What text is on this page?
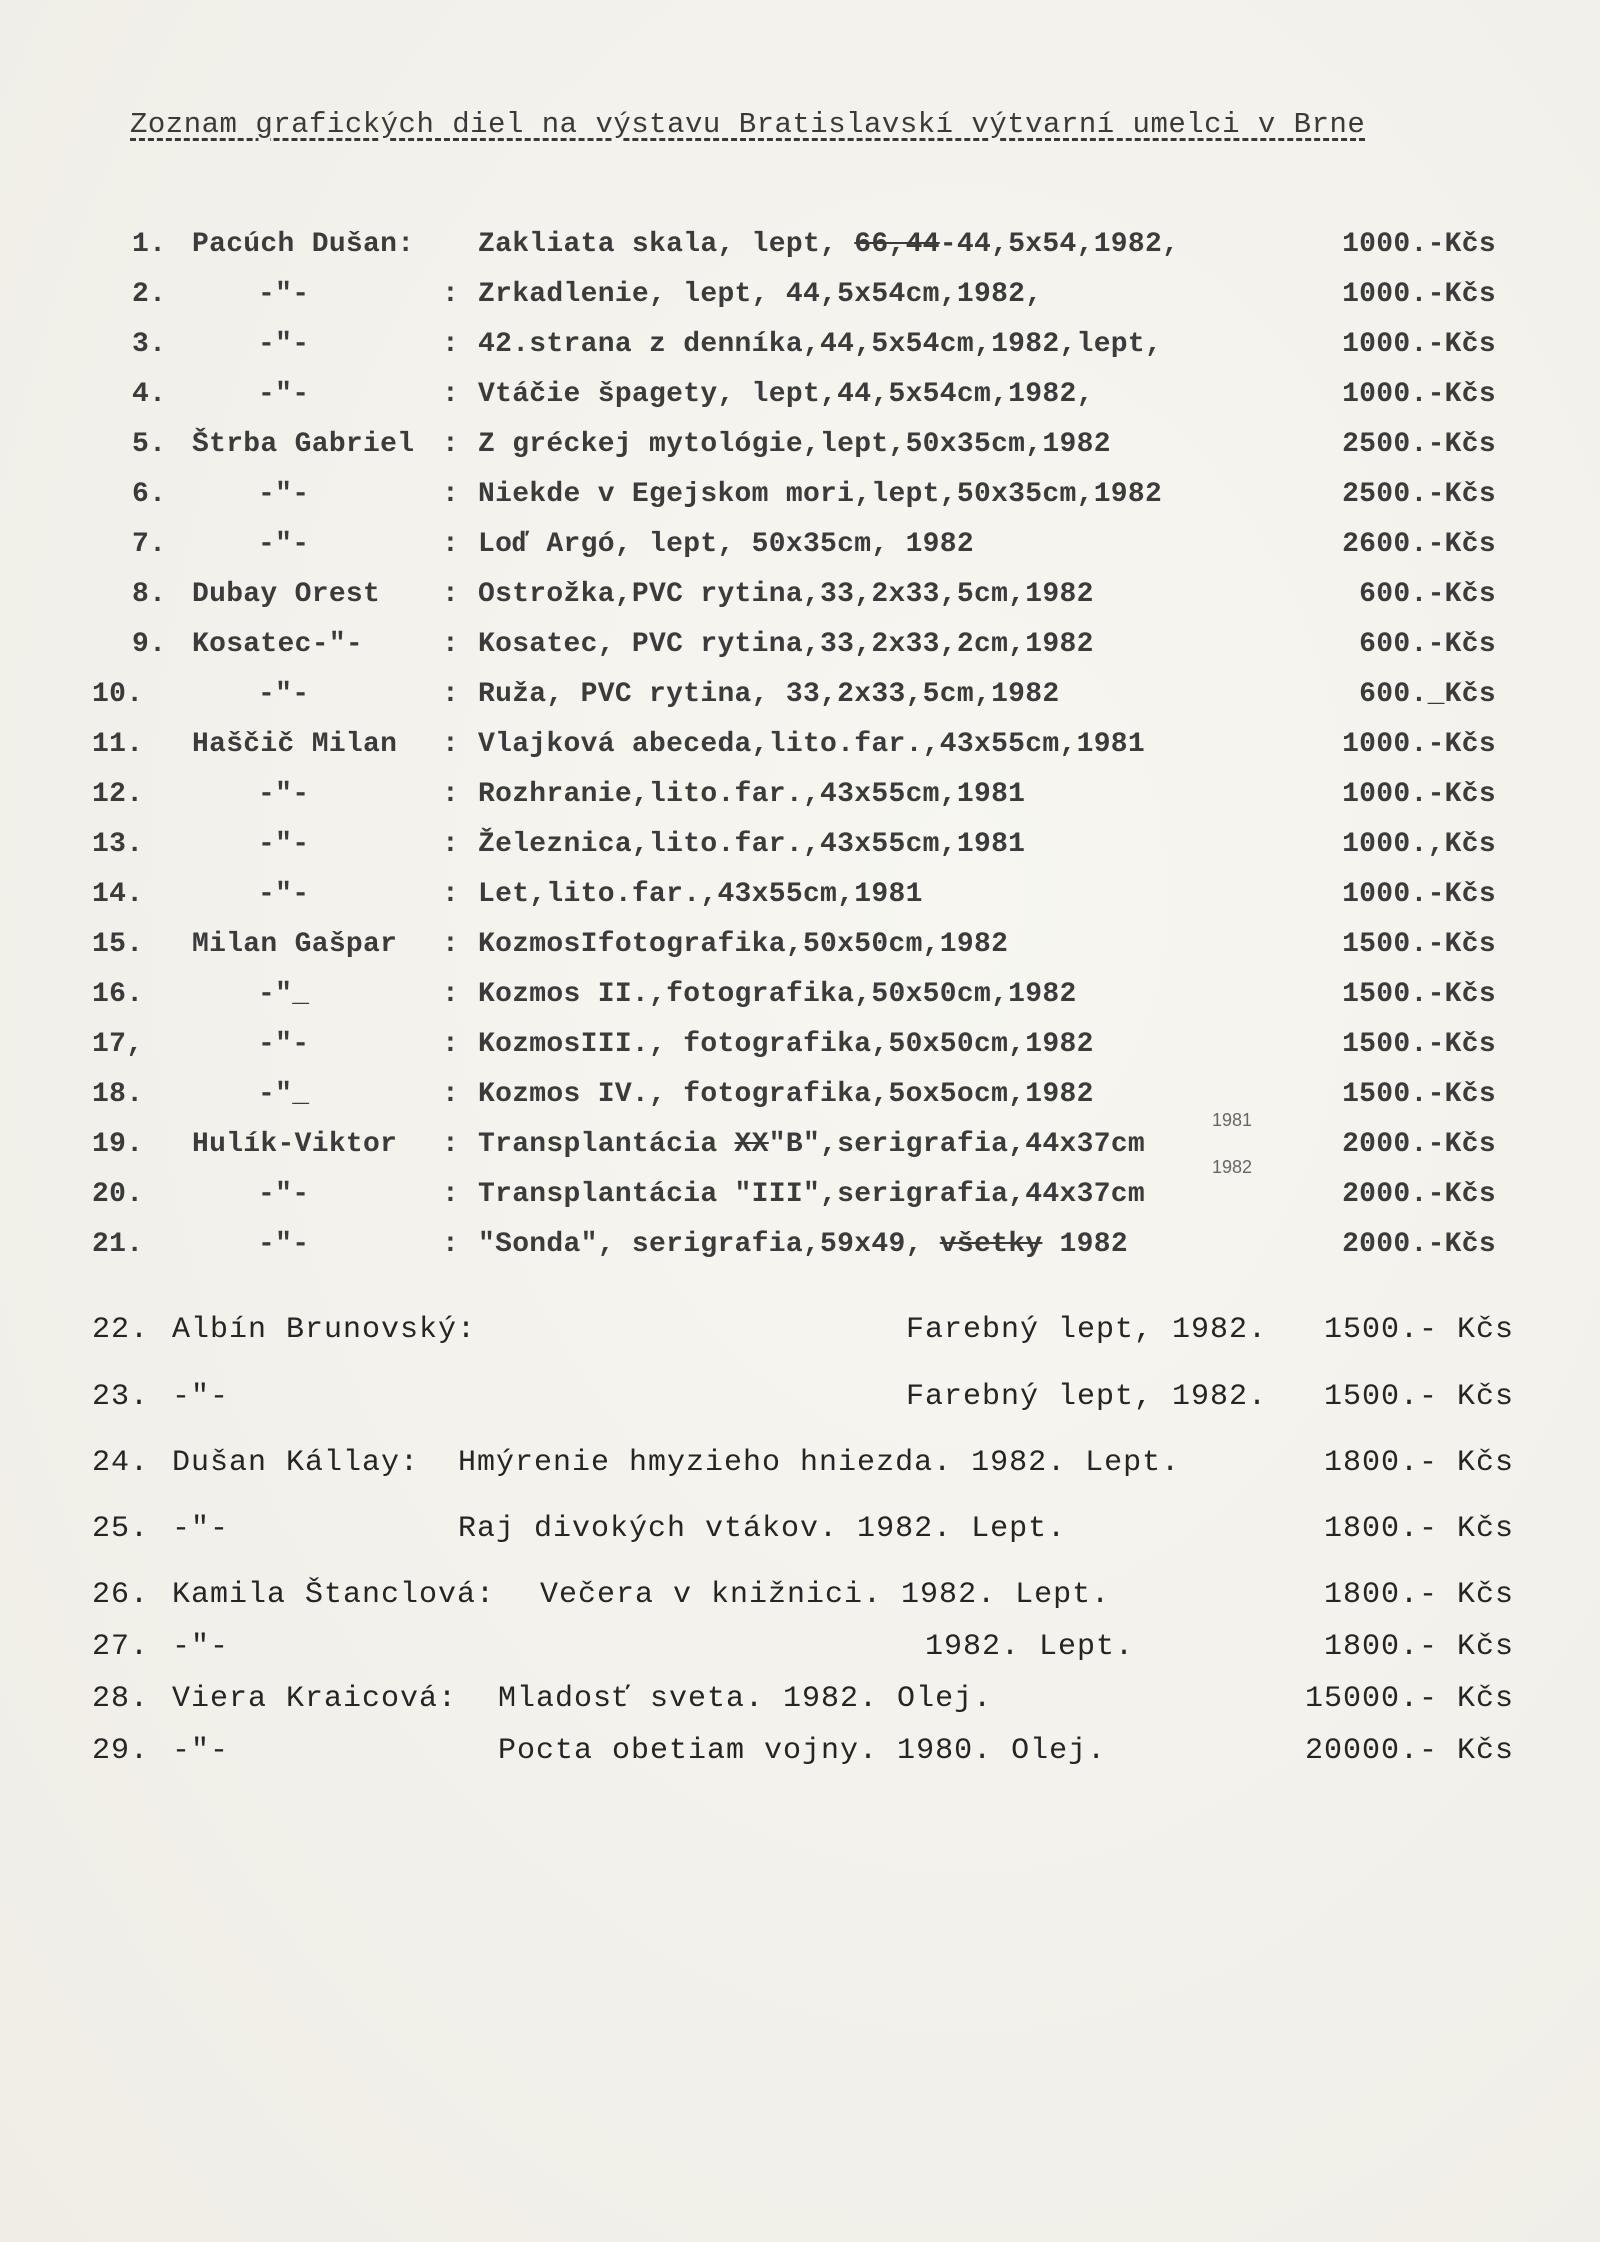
Zoznam grafických diel na výstavu Bratislavskí výtvarní umelci v Brne
1. Pacúch Dušan: Zakliata skala, lept, 66,44-44,5x54,1982,	1000.-Kčs
2.	-"-	: Zrkadlenie, lept, 44,5x54cm,1982,	1000.-Kčs
3.	-"-	: 42.strana z denníka,44,5x54cm,1982,lept,	1000.-Kčs
4.	-"-	: Vtáčie špagety, lept,44,5x54cm,1982,	1000.-Kčs
5. Štrba Gabriel : Z gréckej mytológie,lept,50x35cm,1982	2500.-Kčs
6.	-"-	: Niekde v Egejskom mori,lept,50x35cm,1982	2500.-Kčs
7.	-"-	: Loď Argó, lept, 50x35cm, 1982	2600.-Kčs
8. Dubay Orest : Ostrožka,PVC rytina,33,2x33,5cm,1982	600.-Kčs
9. Kosatec-"-	: Kosatec, PVC rytina,33,2x33,2cm,1982	600.-Kčs
10.	-"-	: Ruža, PVC rytina, 33,2x33,5cm,1982	600._Kčs
11. Haščič Milan : Vlajková abeceda,lito.far.,43x55cm,1981	1000.-Kčs
12.	-"-	: Rozhranie,lito.far.,43x55cm,1981	1000.-Kčs
13.	-"-	: Železnica,lito.far.,43x55cm,1981	1000.,Kčs
14.	-"-	: Let,lito.far.,43x55cm,1981	1000.-Kčs
15. Milan Gašpar : KozmosIfotografika,50x50cm,1982	1500.-Kčs
16.	-"_	: Kozmos II.,fotografika,50x50cm,1982	1500.-Kčs
17,	-"-	: KozmosIII., fotografika,50x50cm,1982	1500.-Kčs
18.	-"_	: Kozmos IV., fotografika,5ox5ocm,1982	1500.-Kčs
19. Hulík-Viktor : Transplantácia XX"B",serigrafia,44x37cm	2000.-Kčs
20.	-"-	: Transplantácia "III",serigrafia,44x37cm	2000.-Kčs
21.	-"-	: "Sonda", serigrafia,59x49, všetky 1982	2000.-Kčs
22. Albín Brunovský:	Farebný lept, 1982. 1500.- Kčs
23. -"-	Farebný lept, 1982. 1500.- Kčs
24. Dušan Kállay: Hmýrenie hmyzieho hniezda. 1982. Lept.	1800.- Kčs
25. -"-	Raj divokých vtákov. 1982. Lept.	1800.- Kčs
26. Kamila Štanclová: Večera v knižnici. 1982. Lept.	1800.- Kčs
27. -"-	1982. Lept.	1800.- Kčs
28. Viera Kraicová: Mladosť sveta. 1982. Olej.	15000.- Kčs
29. -"-	Pocta obetiam vojny. 1980. Olej.	20000.- Kčs
1981
1982
